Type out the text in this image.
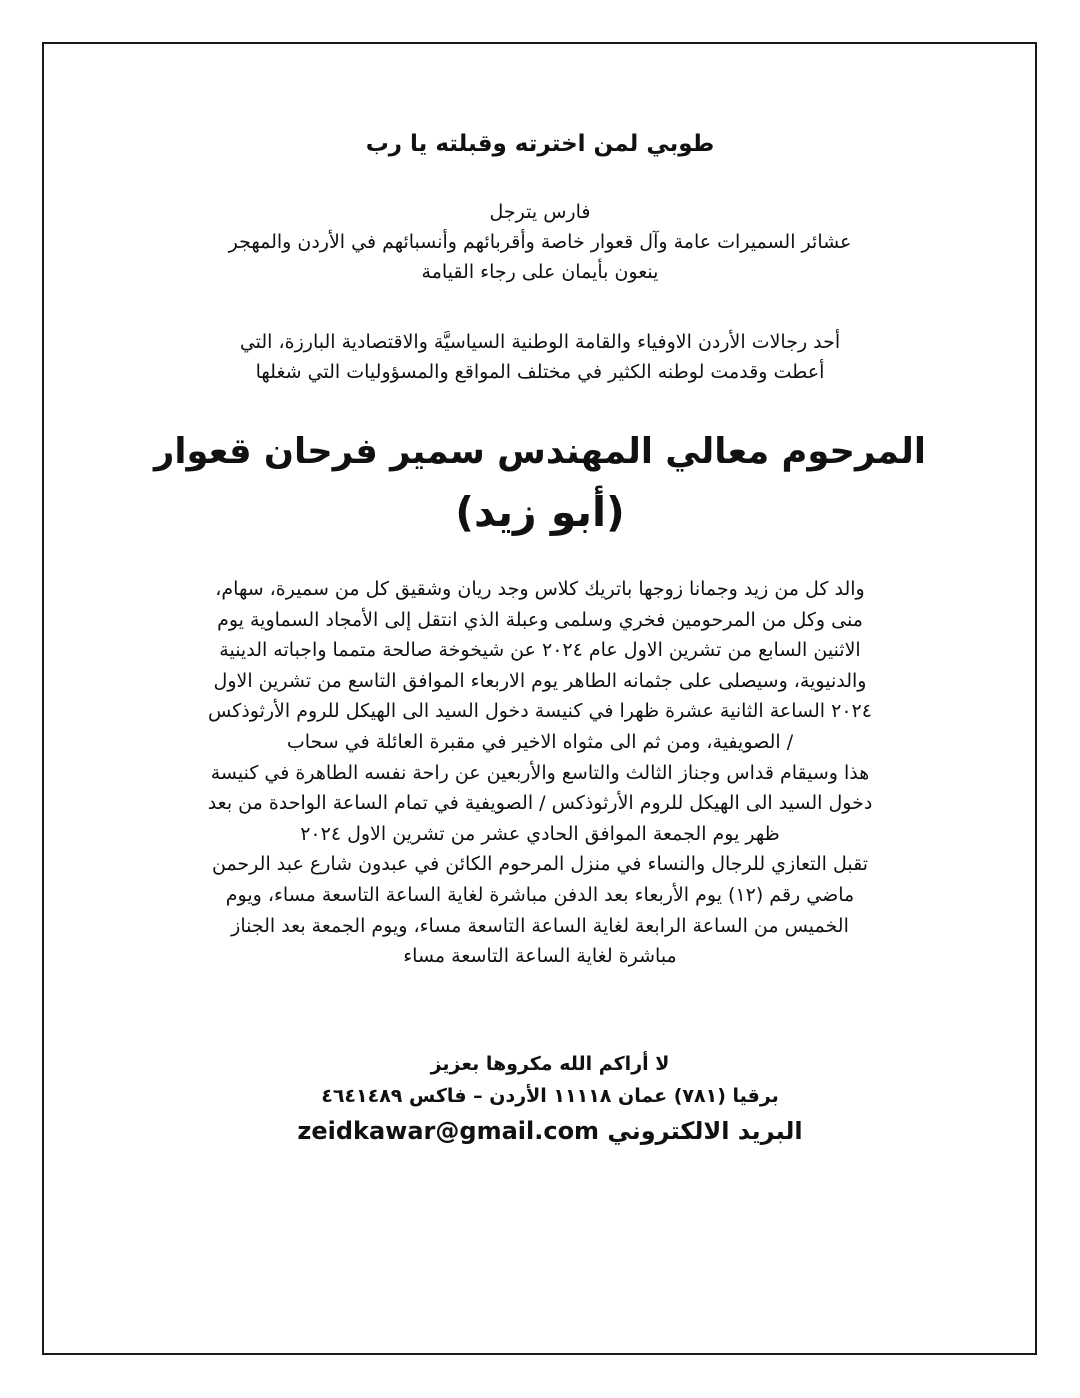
طوبي لمن اخترته وقبلته يا رب
فارس يترجل
عشائر السميرات عامة وآل قعوار خاصة وأقربائهم وأنسبائهم في الأردن والمهجر
ينعون بأيمان على رجاء القيامة
أحد رجالات الأردن الاوفياء والقامة الوطنية السياسيَّة والاقتصادية البارزة، التي
أعطت وقدمت لوطنه الكثير في مختلف المواقع والمسؤوليات التي شغلها
المرحوم معالي المهندس سمير فرحان قعوار
(أبو زيد)
والد كل من زيد وجمانا زوجها باتريك كلاس وجد ريان وشقيق كل من سميرة، سهام،
منى وكل من المرحومين فخري وسلمى وعبلة الذي انتقل إلى الأمجاد السماوية يوم
الاثنين السابع من تشرين الاول عام ٢٠٢٤ عن شيخوخة صالحة متمما واجباته الدينية
والدنيوية، وسيصلى على جثمانه الطاهر يوم الاربعاء الموافق التاسع من تشرين الاول
٢٠٢٤ الساعة الثانية عشرة ظهرا في كنيسة دخول السيد الى الهيكل للروم الأرثوذكس
/ الصويفية، ومن ثم الى مثواه الاخير في مقبرة العائلة في سحاب
هذا وسيقام قداس وجناز الثالث والتاسع والأربعين عن راحة نفسه الطاهرة في كنيسة
دخول السيد الى الهيكل للروم الأرثوذكس / الصويفية في تمام الساعة الواحدة من بعد
ظهر يوم الجمعة الموافق الحادي عشر من تشرين الاول ٢٠٢٤
تقبل التعازي للرجال والنساء في منزل المرحوم الكائن في عبدون شارع عبد الرحمن
ماضي رقم (١٢) يوم الأربعاء بعد الدفن مباشرة لغاية الساعة التاسعة مساء، ويوم
الخميس من الساعة الرابعة لغاية الساعة التاسعة مساء، ويوم الجمعة بعد الجناز
مباشرة لغاية الساعة التاسعة مساء
لا أراكم الله مكروها بعزيز
برقيا (٧٨١) عمان ١١١١٨ الأردن – فاكس ٤٦٤١٤٨٩
البريد الالكتروني zeidkawar@gmail.com
